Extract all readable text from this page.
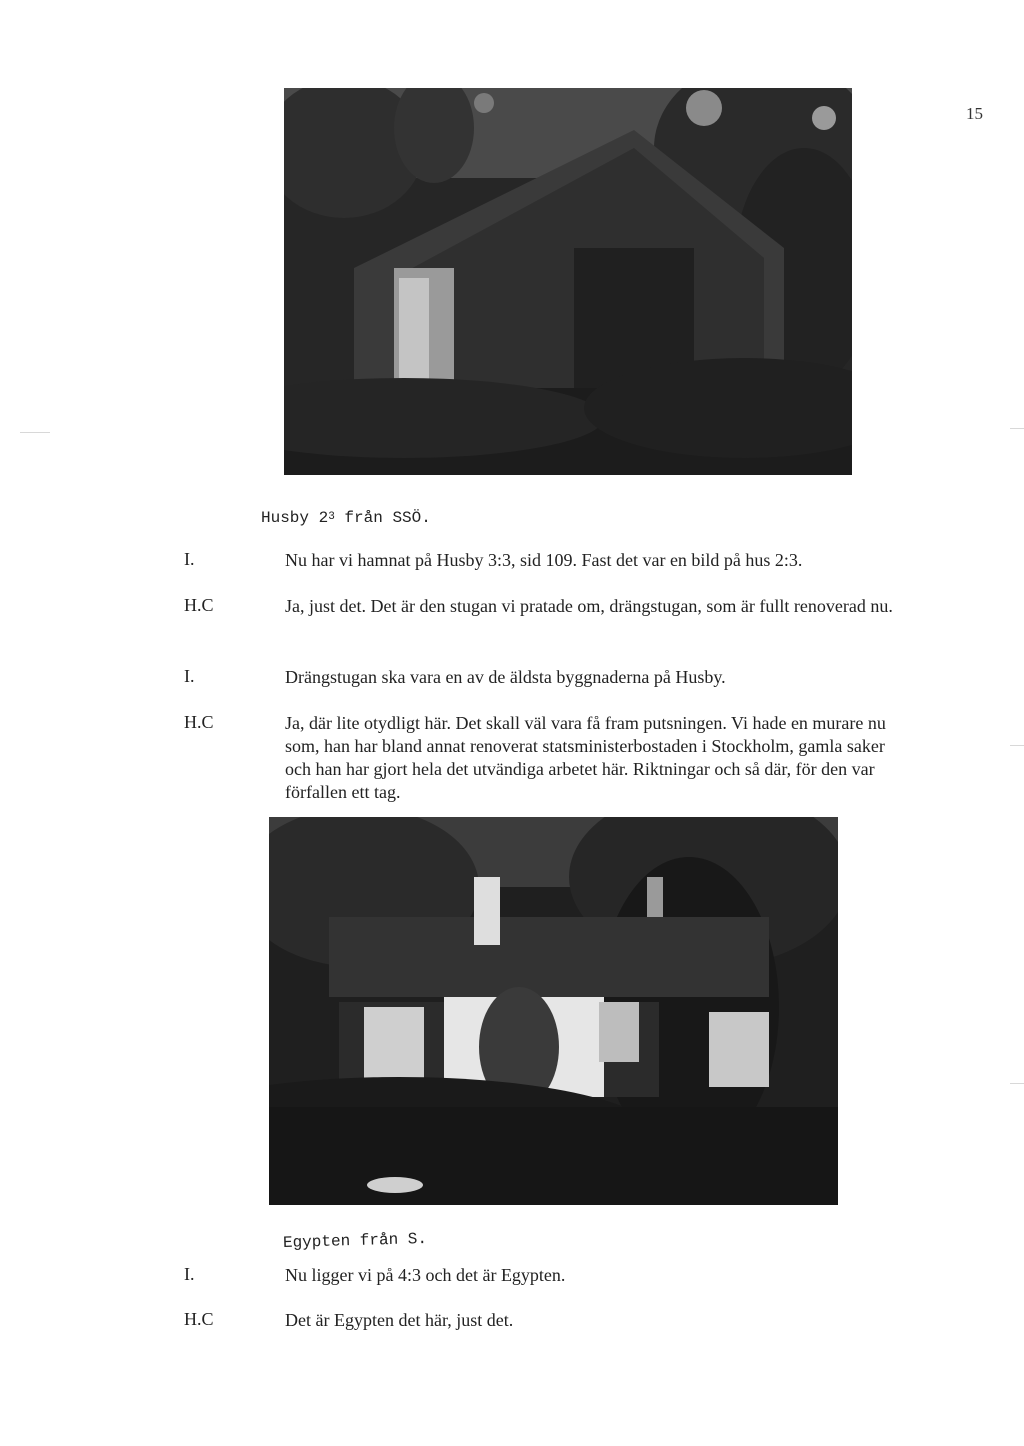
15
Husby $2^3$ från SSÖ.
I.	Nu har vi hamnat på Husby 3:3, sid 109. Fast det var en bild på hus 2:3.
H.C	Ja, just det. Det är den stugan vi pratade om, drängstugan, som är fullt renoverad nu.
I.	Drängstugan ska vara en av de äldsta byggnaderna på Husby.
H.C	Ja, där lite otydligt här. Det skall väl vara få fram putsningen. Vi hade en murare nu som, han har bland annat renoverat statsministerbostaden i Stockholm, gamla saker och han har gjort hela det utvändiga arbetet här. Riktningar och så där, för den var förfallen ett tag.
Egypten från S.
I.	Nu ligger vi på 4:3 och det är Egypten.
H.C	Det är Egypten det här, just det.
